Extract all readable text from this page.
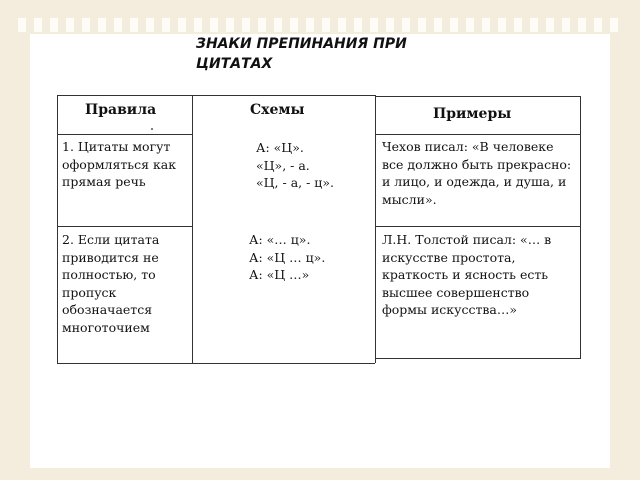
ЗНАКИ ПРЕПИНАНИЯ ПРИ ЦИТАТАХ

Правила	Схемы	Примеры
1. Цитаты могут оформляться как прямая речь
А: «Ц».
«Ц», - а.
«Ц, - а, - ц».
Чехов писал: «В человеке все должно быть прекрасно: и лицо, и одежда, и душа, и мысли».
2. Если цитата приводится не полностью, то пропуск обозначается многоточием
А: «… ц».
А: «Ц … ц».
А: «Ц …»
Л.Н. Толстой писал: «… в искусстве простота, краткость и ясность есть высшее совершенство формы искусства…»
